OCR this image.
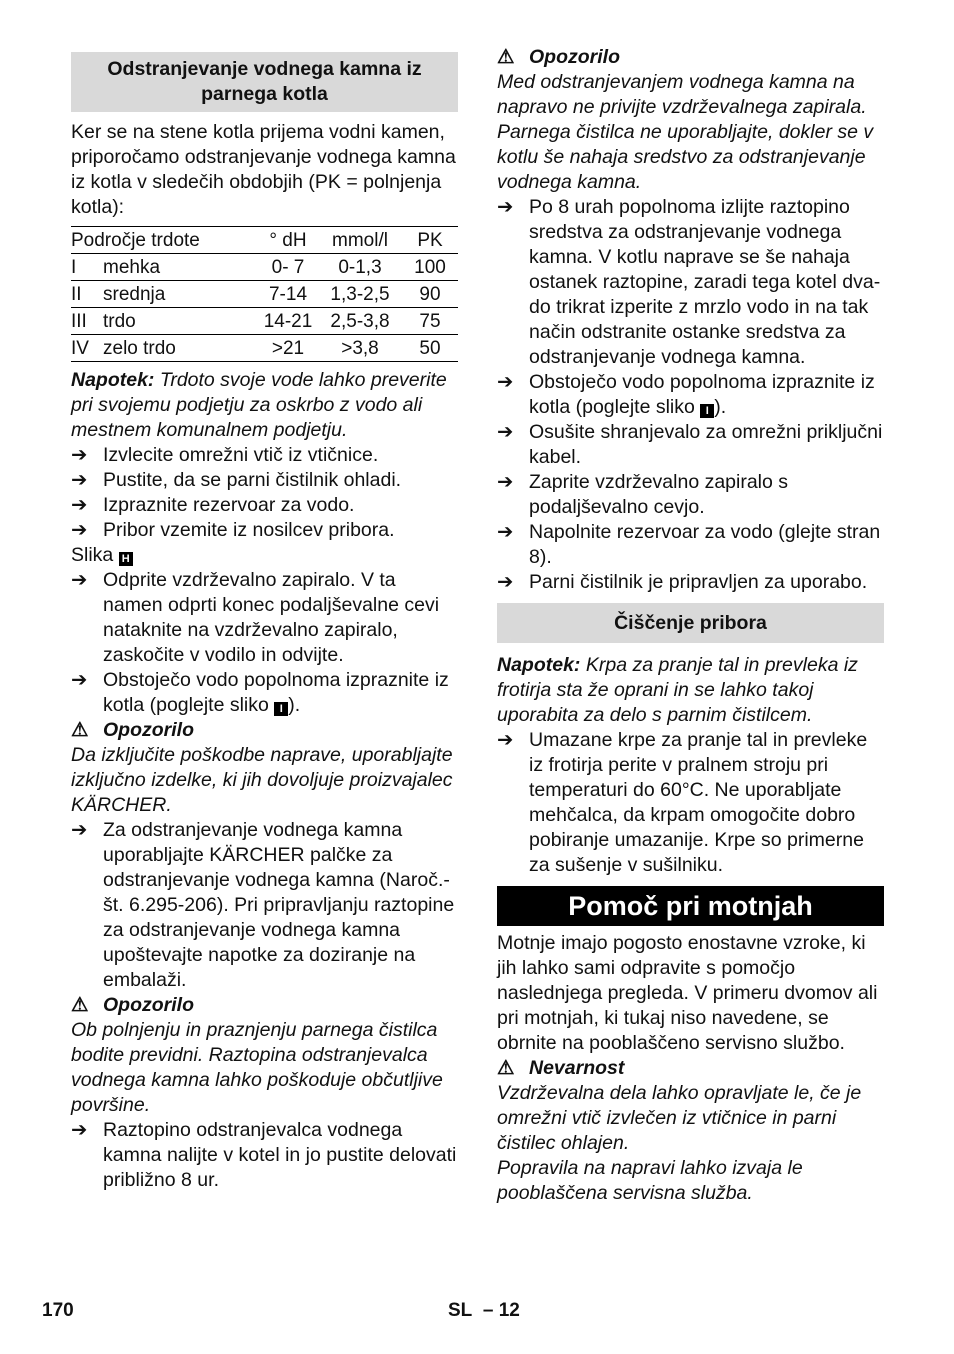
Odstranjevanje vodnega kamna iz parnega kotla

Ker se na stene kotla prijema vodni kamen, priporočamo odstranjevanje vodnega kamna iz kotla v sledečih obdobjih (PK = polnjenja kotla):

Področje trdote		° dH	mmol/l	PK
I	mehka	0- 7	0-1,3	100
II	srednja	7-14	1,3-2,5	90
III	trdo	14-21	2,5-3,8	75
IV	zelo trdo	>21	>3,8	50

Napotek: Trdoto svoje vode lahko preverite pri svojemu podjetju za oskrbo z vodo ali mestnem komunalnem podjetju.

➔ Izvlecite omrežni vtič iz vtičnice.
➔ Pustite, da se parni čistilnik ohladi.
➔ Izpraznite rezervoar za vodo.
➔ Pribor vzemite iz nosilcev pribora.

Slika H

➔ Odprite vzdrževalno zapiralo. V ta namen odprti konec podaljševalne cevi nataknite na vzdrževalno zapiralo, zaskočite v vodilo in odvijte.
➔ Obstoječo vodo popolnoma izpraznite iz kotla (poglejte sliko I ).
⚠ Opozorilo

Da izključite poškodbe naprave, uporabljajte izključno izdelke, ki jih dovoljuje proizvajalec KÄRCHER.

➔ Za odstranjevanje vodnega kamna uporabljajte KÄRCHER palčke za odstranjevanje vodnega kamna (Naroč.-št. 6.295-206). Pri pripravljanju raztopine za odstranjevanje vodnega kamna upoštevajte napotke za doziranje na embalaži.
⚠ Opozorilo

Ob polnjenju in praznjenju parnega čistilca bodite previdni. Raztopina odstranjevalca vodnega kamna lahko poškoduje občutljive površine.

➔ Raztopino odstranjevalca vodnega kamna nalijte v kotel in jo pustite delovati približno 8 ur.
⚠ Opozorilo

Med odstranjevanjem vodnega kamna na napravo ne privijte vzdrževalnega zapirala. Parnega čistilca ne uporabljajte, dokler se v kotlu še nahaja sredstvo za odstranjevanje vodnega kamna.

➔ Po 8 urah popolnoma izlijte raztopino sredstva za odstranjevanje vodnega kamna. V kotlu naprave se še nahaja ostanek raztopine, zaradi tega kotel dva- do trikrat izperite z mrzlo vodo in na tak način odstranite ostanke sredstva za odstranjevanje vodnega kamna.
➔ Obstoječo vodo popolnoma izpraznite iz kotla (poglejte sliko I ).
➔ Osušite shranjevalo za omrežni priključni kabel.
➔ Zaprite vzdrževalno zapiralo s podaljševalno cevjo.
➔ Napolnite rezervoar za vodo (glejte stran 8).
➔ Parni čistilnik je pripravljen za uporabo.
Čiščenje pribora

Napotek: Krpa za pranje tal in prevleka iz frotirja sta že oprani in se lahko takoj uporabita za delo s parnim čistilcem.

➔ Umazane krpe za pranje tal in prevleke iz frotirja perite v pralnem stroju pri temperaturi do 60°C. Ne uporabljate mehčalca, da krpam omogočite dobro pobiranje umazanije. Krpe so primerne za sušenje v sušilniku.
Pomoč pri motnjah

Motnje imajo pogosto enostavne vzroke, ki jih lahko sami odpravite s pomočjo naslednjega pregleda. V primeru dvomov ali pri motnjah, ki tukaj niso navedene, se obrnite na pooblaščeno servisno službo.

⚠ Nevarnost

Vzdrževalna dela lahko opravljate le, če je omrežni vtič izvlečen iz vtičnice in parni čistilec ohlajen.

Popravila na napravi lahko izvaja le pooblaščena servisna služba.

170	SL – 12
